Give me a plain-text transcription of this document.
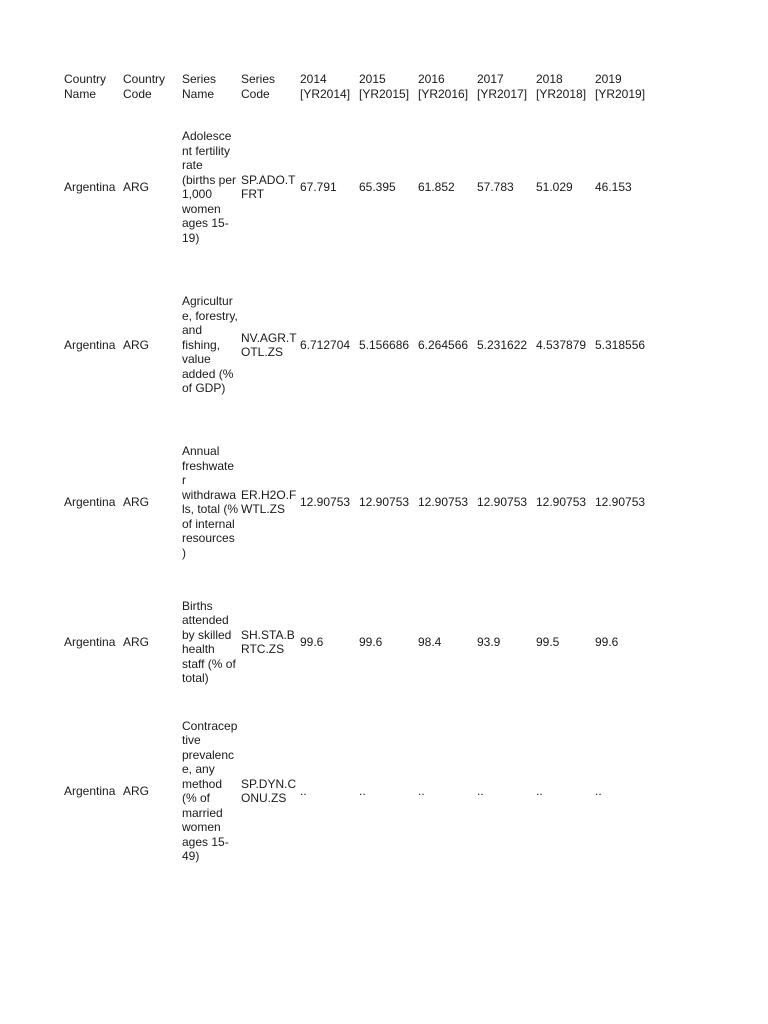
Country Name	Country Code	Series Name	Series Code	2014 [YR2014]	2015 [YR2015]	2016 [YR2016]	2017 [YR2017]	2018 [YR2018]	2019 [YR2019]
Argentina	ARG	Adolescent fertility rate (births per 1,000 women ages 15-19)	SP.ADO.TFRT	67.791	65.395	61.852	57.783	51.029	46.153
Argentina	ARG	Agriculture, forestry, and fishing, value added (% of GDP)	NV.AGR.TOTL.ZS	6.712704	5.156686	6.264566	5.231622	4.537879	5.318556
Argentina	ARG	Annual freshwater withdrawals, total (% of internal resources)	ER.H2O.FWTL.ZS	12.90753	12.90753	12.90753	12.90753	12.90753	12.90753
Argentina	ARG	Births attended by skilled health staff (% of total)	SH.STA.BRTC.ZS	99.6	99.6	98.4	93.9	99.5	99.6
Argentina	ARG	Contraceptive prevalence, any method (% of married women ages 15-49)	SP.DYN.CONU.ZS	..	..	..	..	..	..
